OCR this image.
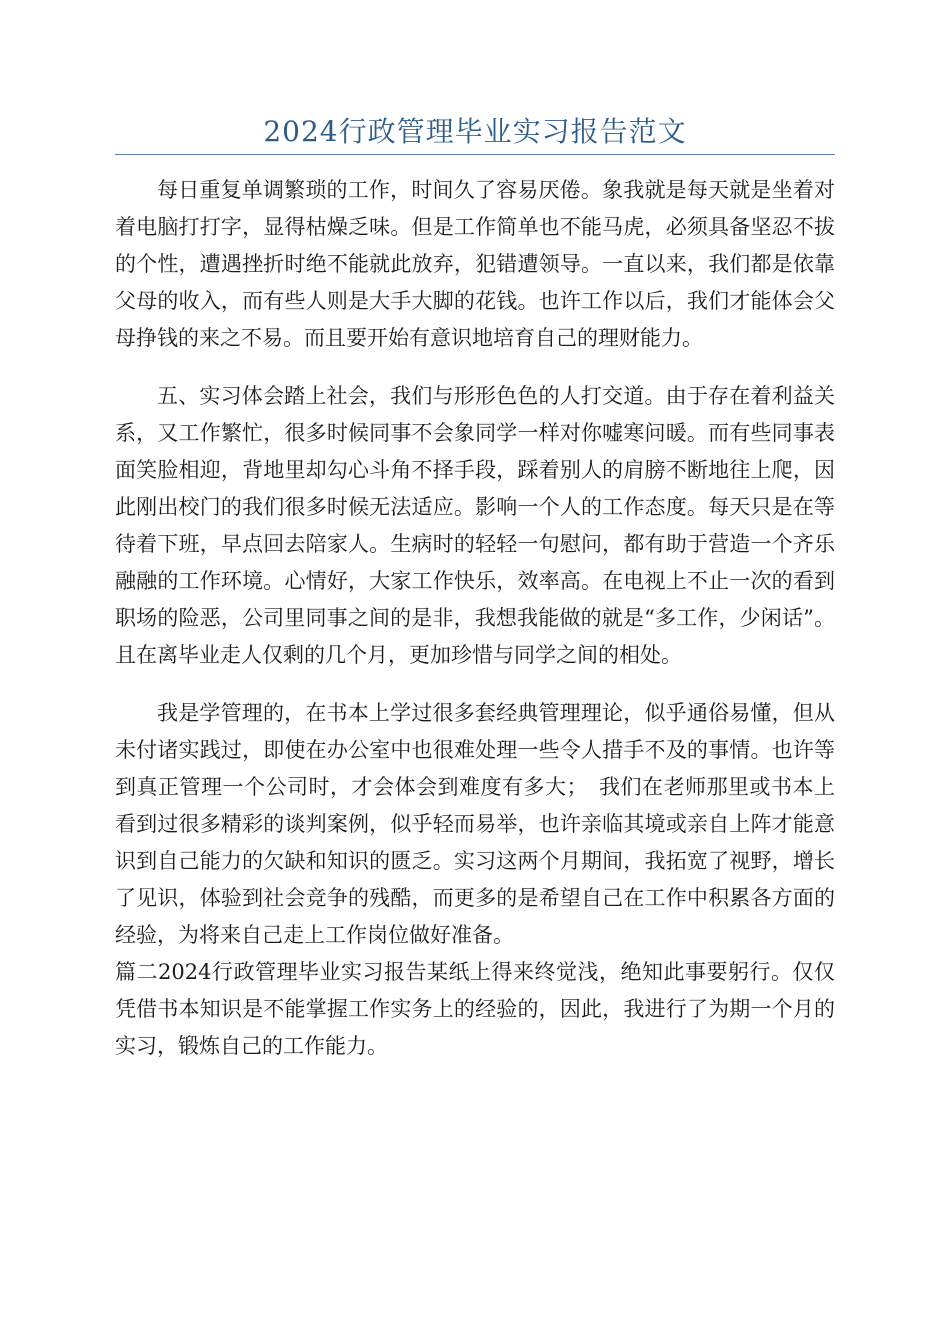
2024行政管理毕业实习报告范文

每日重复单调繁琐的工作，时间久了容易厌倦。象我就是每天就是坐着对着电脑打打字，显得枯燥乏味。但是工作简单也不能马虎，必须具备坚忍不拔的个性，遭遇挫折时绝不能就此放弃，犯错遭领导。一直以来，我们都是依靠父母的收入，而有些人则是大手大脚的花钱。也许工作以后，我们才能体会父母挣钱的来之不易。而且要开始有意识地培育自己的理财能力。

五、实习体会踏上社会，我们与形形色色的人打交道。由于存在着利益关系，又工作繁忙，很多时候同事不会象同学一样对你嘘寒问暖。而有些同事表面笑脸相迎，背地里却勾心斗角不择手段，踩着别人的肩膀不断地往上爬，因此刚出校门的我们很多时候无法适应。影响一个人的工作态度。每天只是在等待着下班，早点回去陪家人。生病时的轻轻一句慰问，都有助于营造一个齐乐融融的工作环境。心情好，大家工作快乐，效率高。在电视上不止一次的看到职场的险恶，公司里同事之间的是非，我想我能做的就是“多工作，少闲话”。且在离毕业走人仅剩的几个月，更加珍惜与同学之间的相处。

我是学管理的，在书本上学过很多套经典管理理论，似乎通俗易懂，但从未付诸实践过，即使在办公室中也很难处理一些令人措手不及的事情。也许等到真正管理一个公司时，才会体会到难度有多大；　我们在老师那里或书本上看到过很多精彩的谈判案例，似乎轻而易举，也许亲临其境或亲自上阵才能意识到自己能力的欠缺和知识的匮乏。实习这两个月期间，我拓宽了视野，增长了见识，体验到社会竞争的残酷，而更多的是希望自己在工作中积累各方面的经验，为将来自己走上工作岗位做好准备。

篇二2024行政管理毕业实习报告某纸上得来终觉浅，绝知此事要躬行。仅仅凭借书本知识是不能掌握工作实务上的经验的，因此，我进行了为期一个月的实习，锻炼自己的工作能力。
